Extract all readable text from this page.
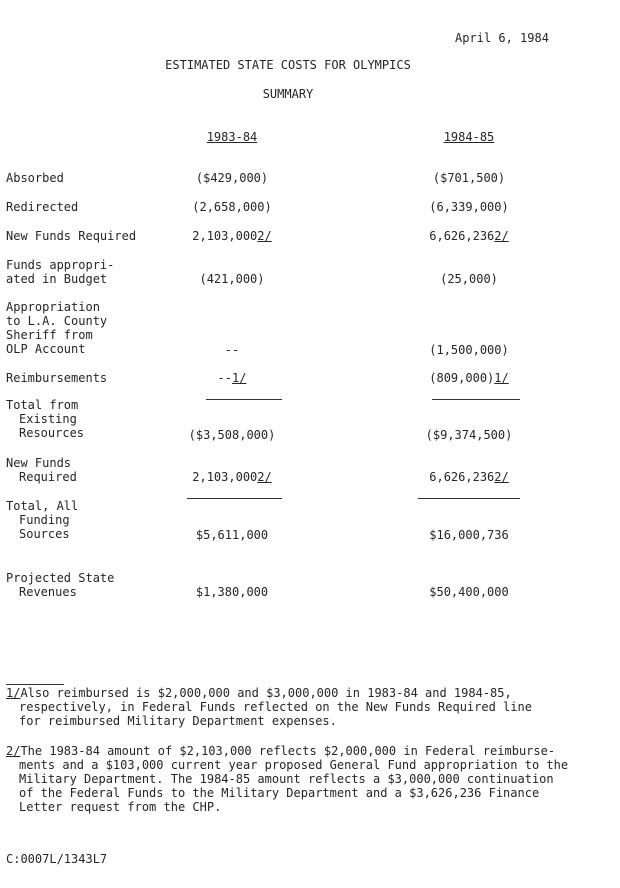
April 6, 1984
ESTIMATED STATE COSTS FOR OLYMPICS
SUMMARY
1983-84	1984-85
Absorbed	($429,000)	($701,500)
Redirected	(2,658,000)	(6,339,000)
New Funds Required	2,103,0002/	6,626,2362/
Funds appropri-
ated in Budget	(421,000)	(25,000)
Appropriation
to L.A. County
Sheriff from
OLP Account	--	(1,500,000)
Reimbursements	--1/	(809,000)1/
Total from
Existing
Resources	($3,508,000)	($9,374,500)
New Funds
Required	2,103,0002/	6,626,2362/
Total, All
Funding
Sources	$5,611,000	$16,000,736
Projected State
Revenues	$1,380,000	$50,400,000
1/Also reimbursed is $2,000,000 and $3,000,000 in 1983-84 and 1984-85,
respectively, in Federal Funds reflected on the New Funds Required line
for reimbursed Military Department expenses.
2/The 1983-84 amount of $2,103,000 reflects $2,000,000 in Federal reimburse-
ments and a $103,000 current year proposed General Fund appropriation to the
Military Department. The 1984-85 amount reflects a $3,000,000 continuation
of the Federal Funds to the Military Department and a $3,626,236 Finance
Letter request from the CHP.
C:0007L/1343L7
